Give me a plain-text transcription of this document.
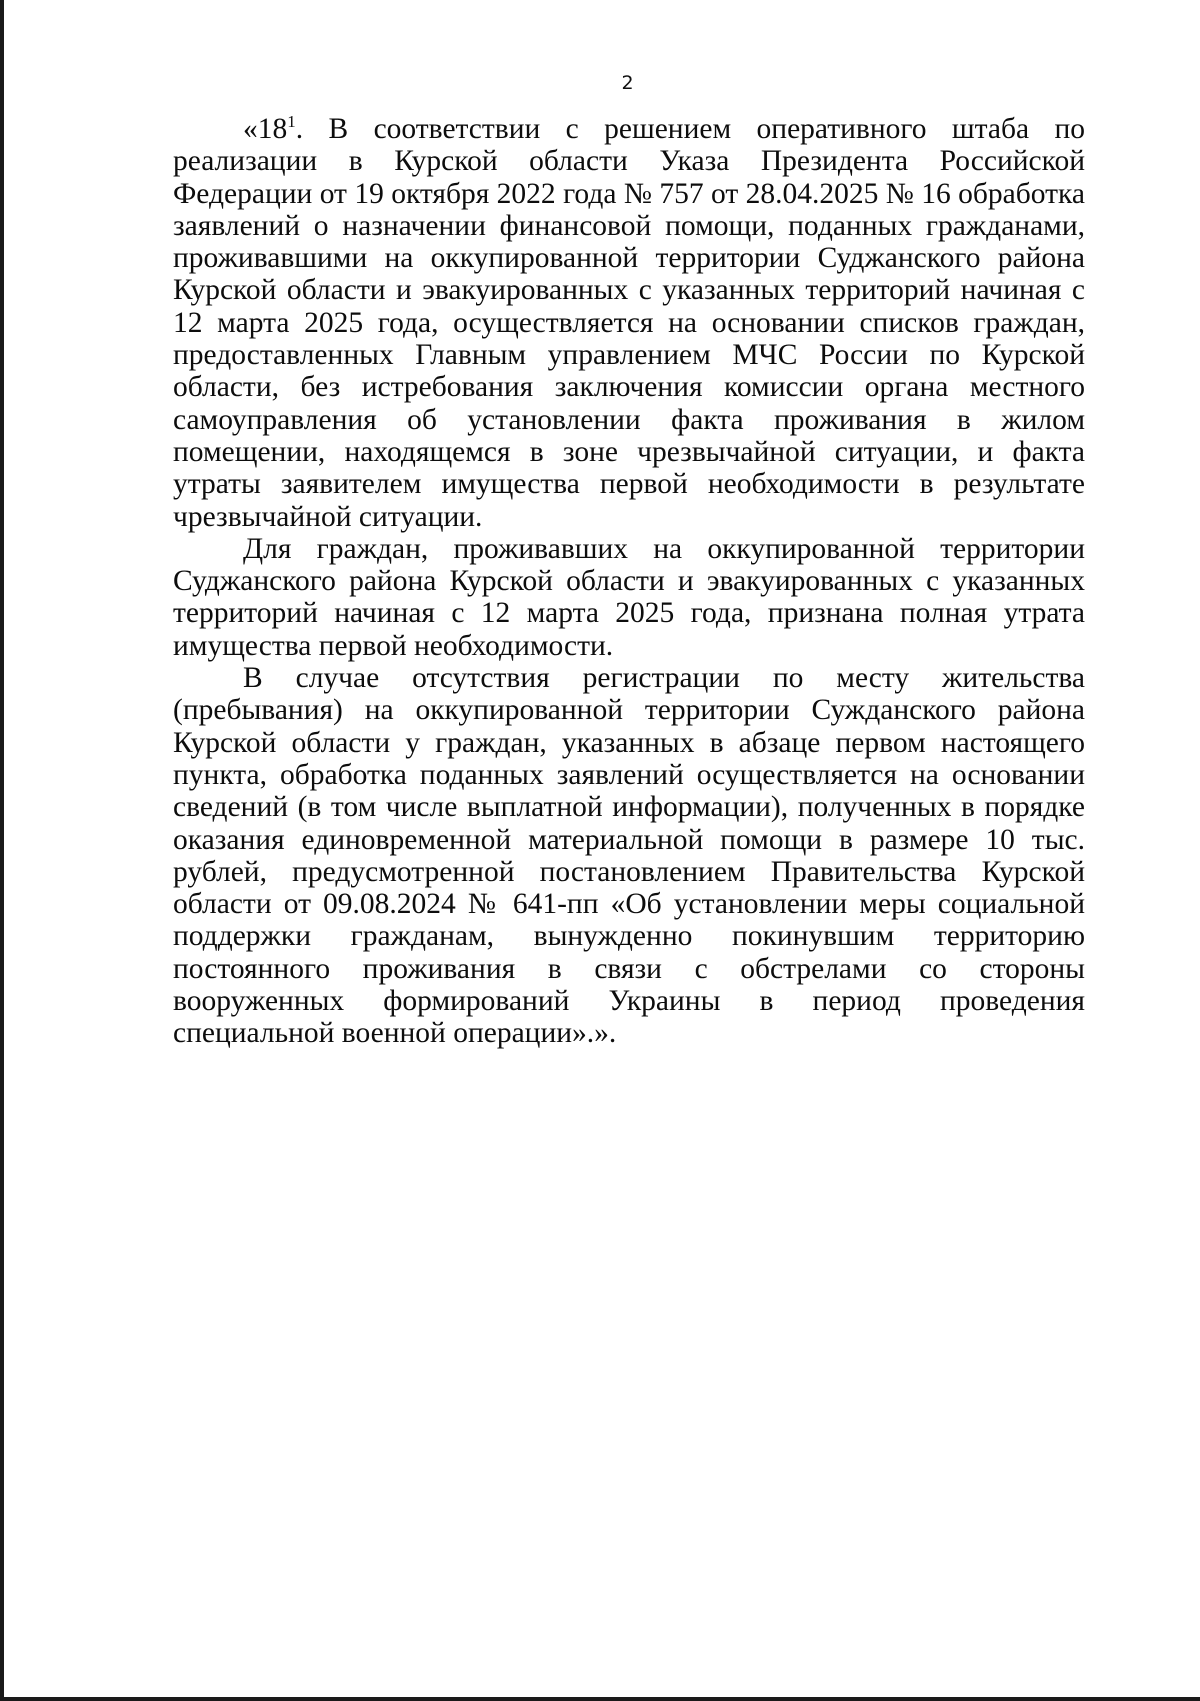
2

«$18^1$. В соответствии с решением оперативного штаба по реализации в Курской области Указа Президента Российской Федерации от 19 октября 2022 года № 757 от 28.04.2025 № 16 обработка заявлений о назначении финансовой помощи, поданных гражданами, проживавшими на оккупированной территории Суджанского района Курской области и эвакуированных с указанных территорий начиная с 12 марта 2025 года, осуществляется на основании списков граждан, предоставленных Главным управлением МЧС России по Курской области, без истребования заключения комиссии органа местного самоуправления об установлении факта проживания в жилом помещении, находящемся в зоне чрезвычайной ситуации, и факта утраты заявителем имущества первой необходимости в результате чрезвычайной ситуации.

Для граждан, проживавших на оккупированной территории Суджанского района Курской области и эвакуированных с указанных территорий начиная с 12 марта 2025 года, признана полная утрата имущества первой необходимости.

В случае отсутствия регистрации по месту жительства (пребывания) на оккупированной территории Сужданского района Курской области у граждан, указанных в абзаце первом настоящего пункта, обработка поданных заявлений осуществляется на основании сведений (в том числе выплатной информации), полученных в порядке оказания единовременной материальной помощи в размере 10 тыс. рублей, предусмотренной постановлением Правительства Курской области от 09.08.2024 № 641-пп «Об установлении меры социальной поддержки гражданам, вынужденно покинувшим территорию постоянного проживания в связи с обстрелами со стороны вооруженных формирований Украины в период проведения специальной военной операции».».
